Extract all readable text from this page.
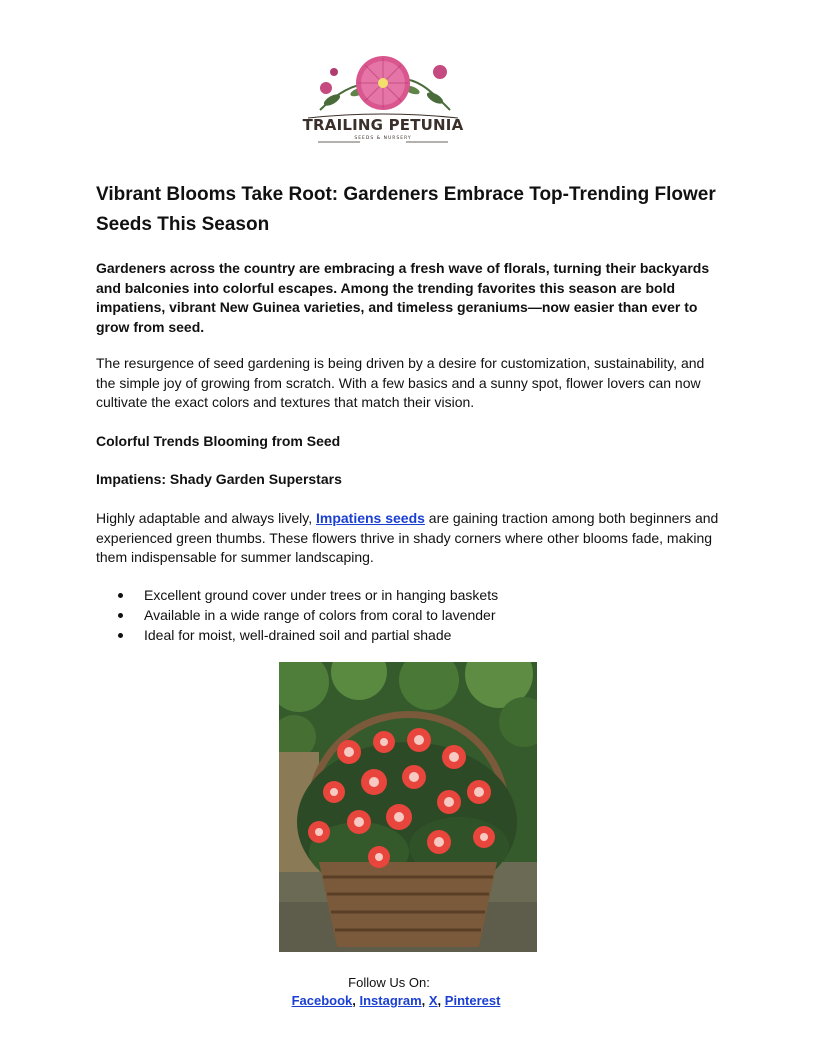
TRAILING PETUNIA
SEEDS & NURSERY
Vibrant Blooms Take Root: Gardeners Embrace Top-Trending Flower Seeds This Season

Gardeners across the country are embracing a fresh wave of florals, turning their backyards and balconies into colorful escapes. Among the trending favorites this season are bold impatiens, vibrant New Guinea varieties, and timeless geraniums—now easier than ever to grow from seed.

The resurgence of seed gardening is being driven by a desire for customization, sustainability, and the simple joy of growing from scratch. With a few basics and a sunny spot, flower lovers can now cultivate the exact colors and textures that match their vision.

Colorful Trends Blooming from Seed

Impatiens: Shady Garden Superstars

Highly adaptable and always lively, Impatiens seeds are gaining traction among both beginners and experienced green thumbs. These flowers thrive in shady corners where other blooms fade, making them indispensable for summer landscaping.

Excellent ground cover under trees or in hanging baskets
Available in a wide range of colors from coral to lavender
Ideal for moist, well-drained soil and partial shade
Follow Us On:
Facebook, Instagram, X, Pinterest
